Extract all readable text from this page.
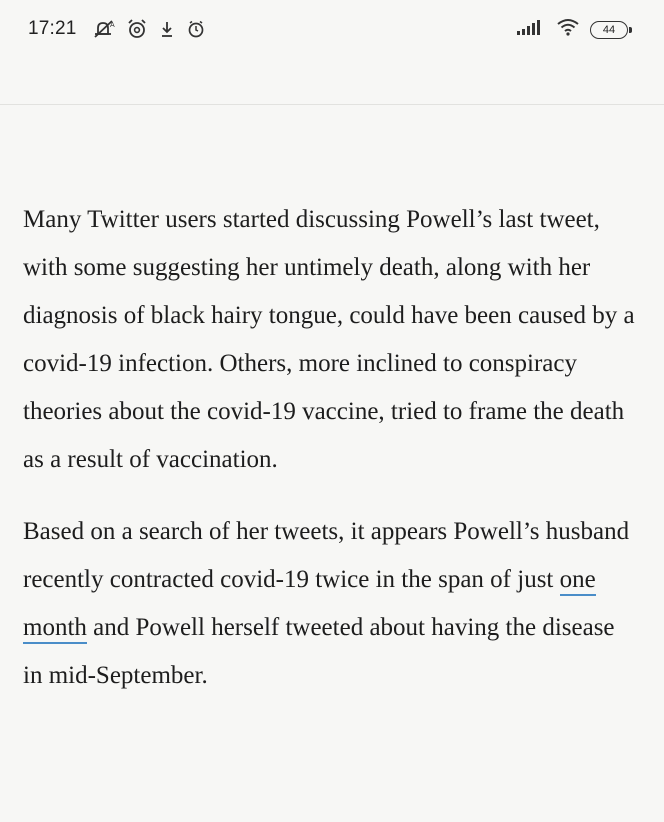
17:21	A	44

Many Twitter users started discussing Powell’s last tweet, with some suggesting her untimely death, along with her diagnosis of black hairy tongue, could have been caused by a covid-19 infection. Others, more inclined to conspiracy theories about the covid-19 vaccine, tried to frame the death as a result of vaccination.

Based on a search of her tweets, it appears Powell’s husband recently contracted covid-19 twice in the span of just one month and Powell herself tweeted about having the disease in mid-September.
